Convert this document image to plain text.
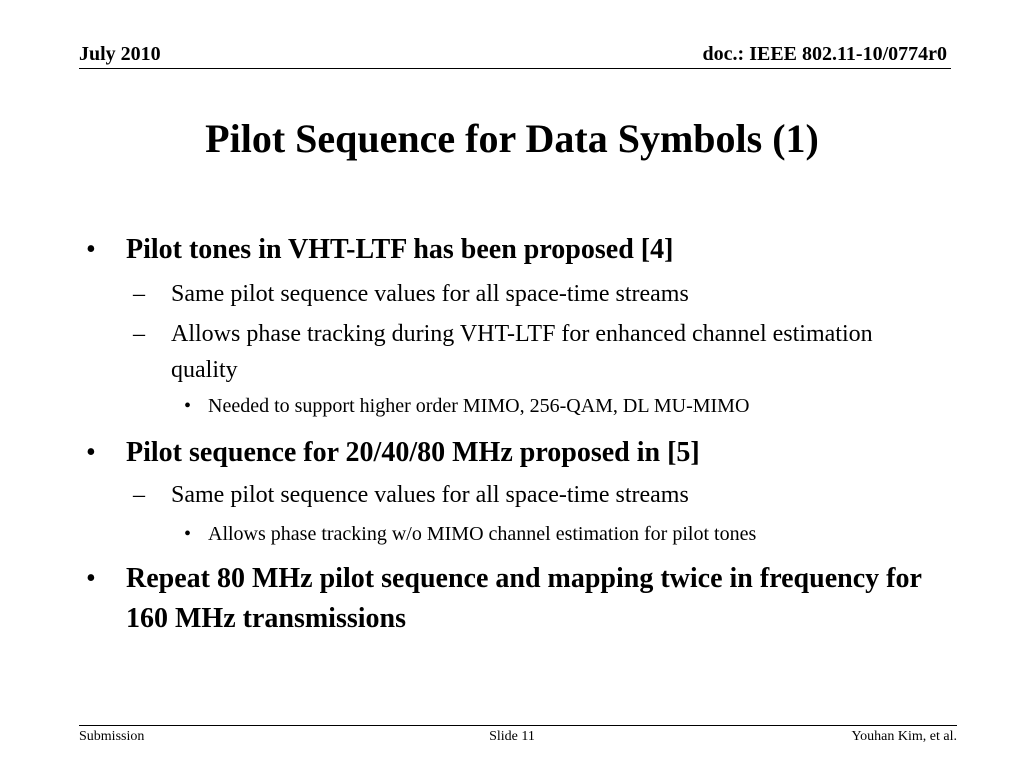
July 2010	doc.: IEEE 802.11-10/0774r0
Pilot Sequence for Data Symbols (1)
• Pilot tones in VHT-LTF has been proposed [4]
– Same pilot sequence values for all space-time streams
– Allows phase tracking during VHT-LTF for enhanced channel estimation quality
• Needed to support higher order MIMO, 256-QAM, DL MU-MIMO
• Pilot sequence for 20/40/80 MHz proposed in [5]
– Same pilot sequence values for all space-time streams
• Allows phase tracking w/o MIMO channel estimation for pilot tones
• Repeat 80 MHz pilot sequence and mapping twice in frequency for 160 MHz transmissions
Submission	Slide 11	Youhan Kim, et al.
